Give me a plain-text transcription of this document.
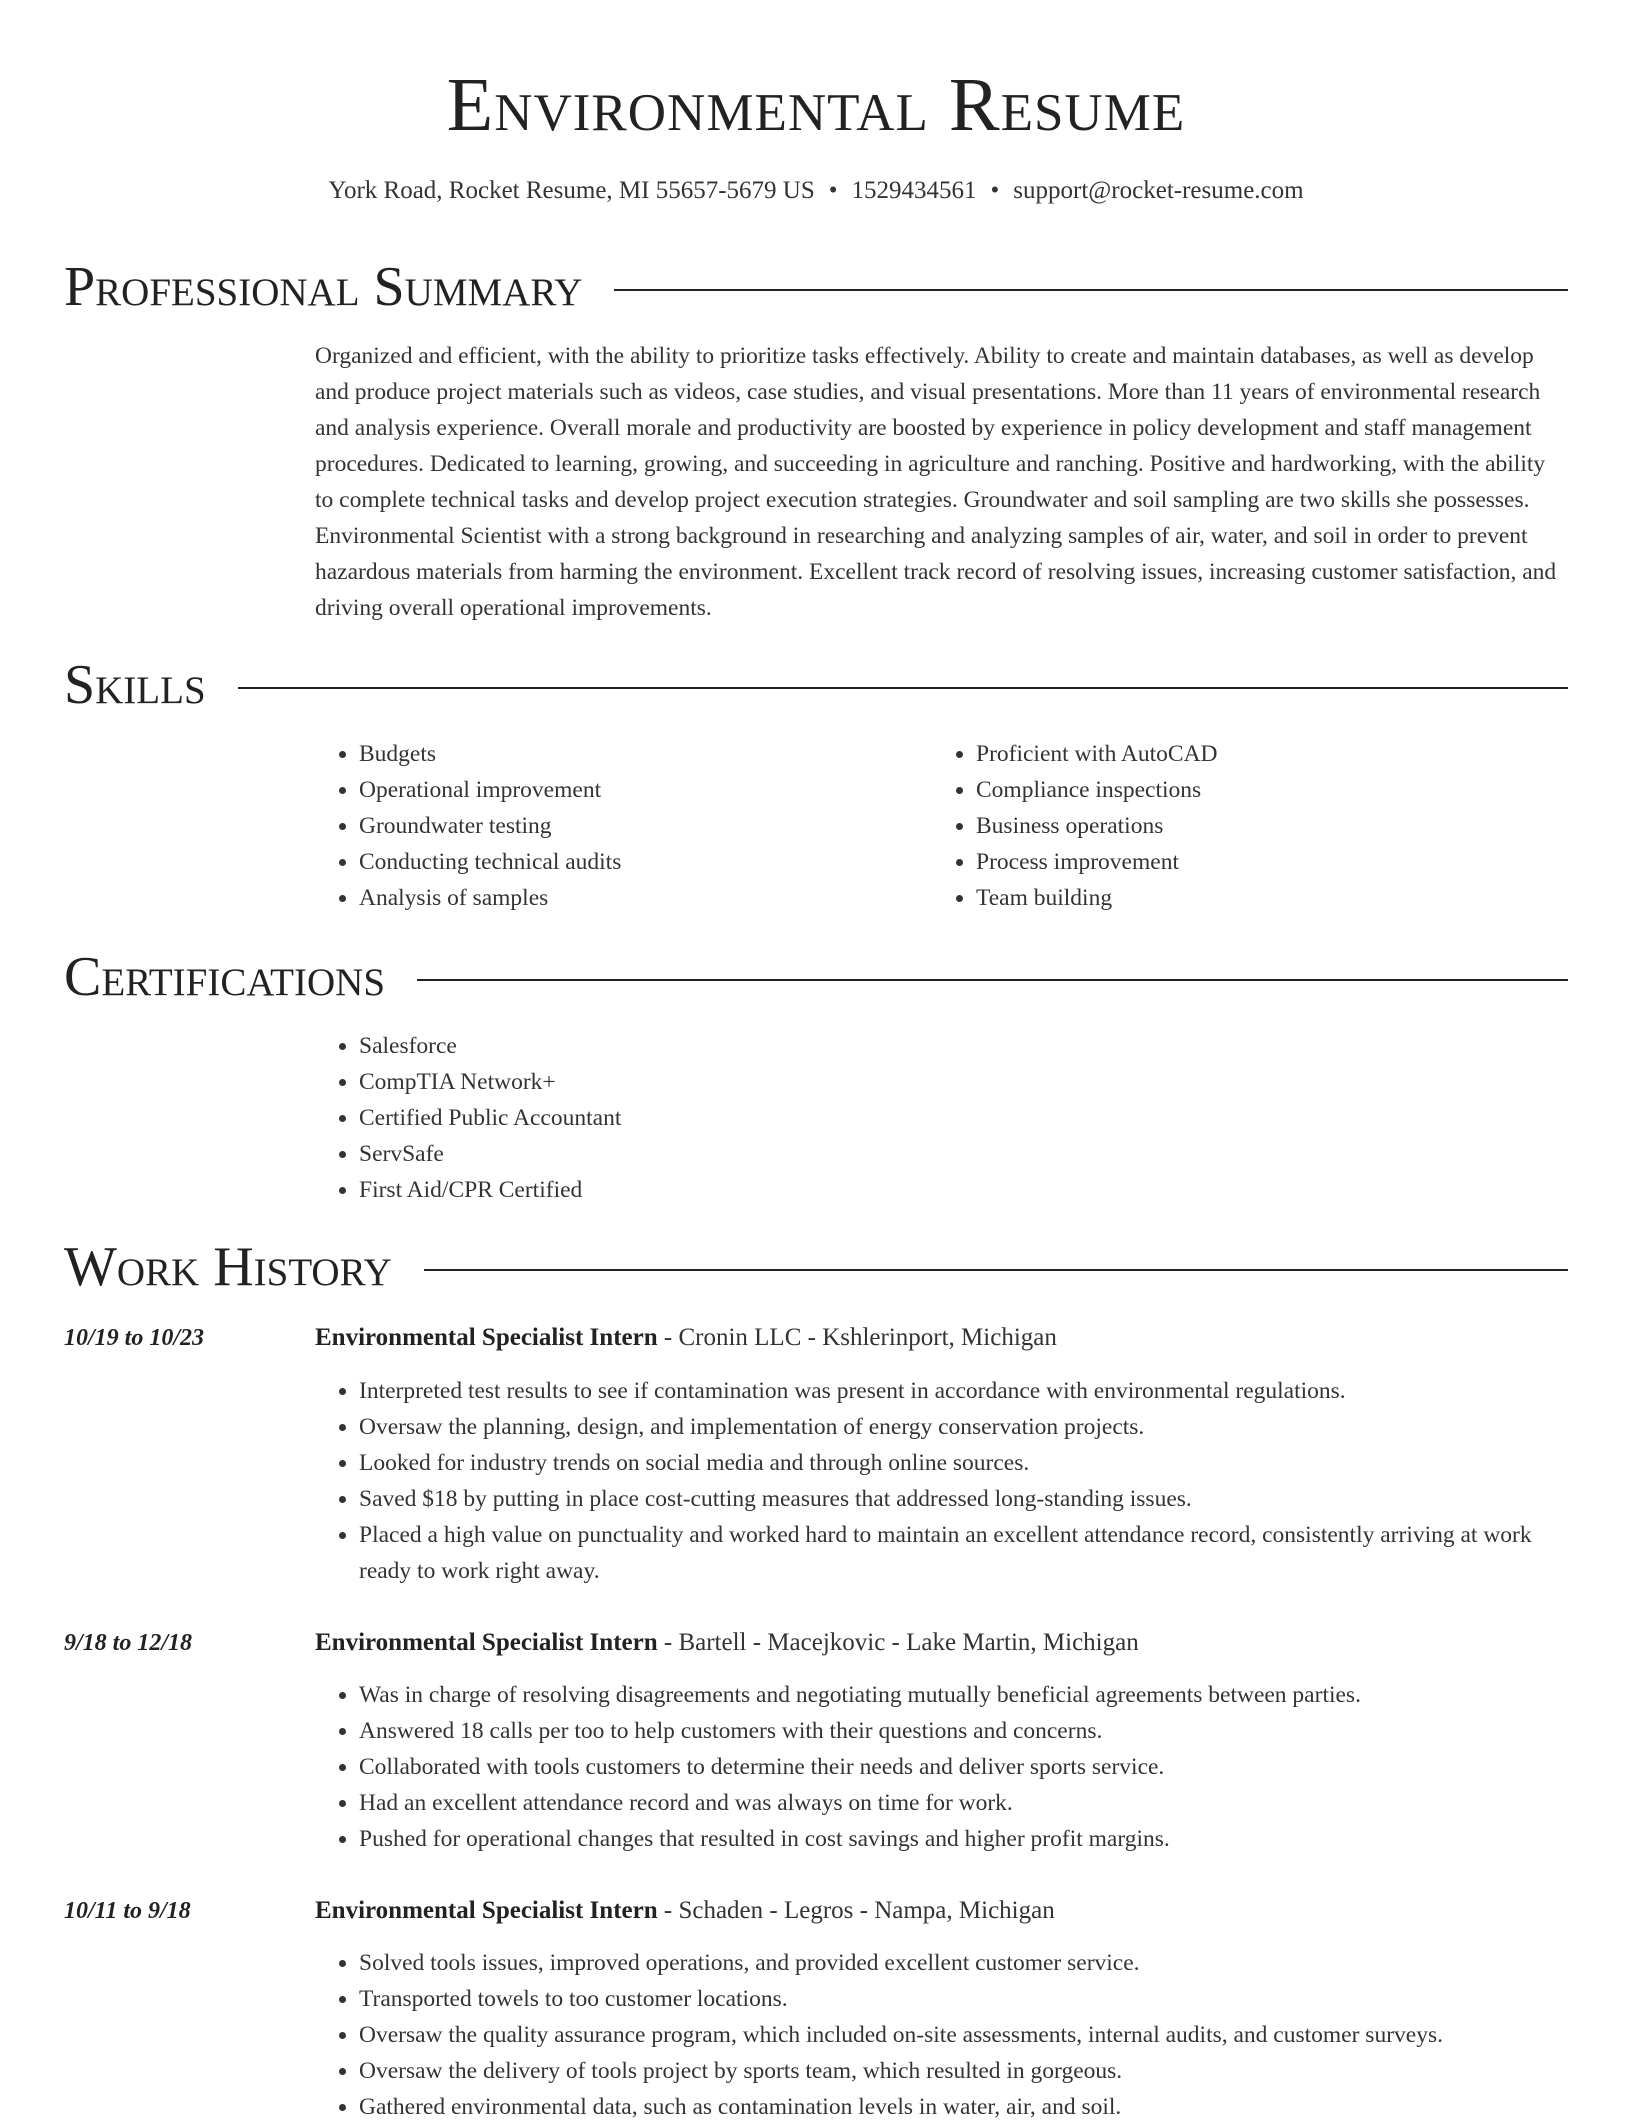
Environmental Resume
York Road, Rocket Resume, MI 55657-5679 US • 1529434561 • support@rocket-resume.com
Professional Summary

Organized and efficient, with the ability to prioritize tasks effectively. Ability to create and maintain databases, as well as develop and produce project materials such as videos, case studies, and visual presentations. More than 11 years of environmental research and analysis experience. Overall morale and productivity are boosted by experience in policy development and staff management procedures. Dedicated to learning, growing, and succeeding in agriculture and ranching. Positive and hardworking, with the ability to complete technical tasks and develop project execution strategies. Groundwater and soil sampling are two skills she possesses. Environmental Scientist with a strong background in researching and analyzing samples of air, water, and soil in order to prevent hazardous materials from harming the environment. Excellent track record of resolving issues, increasing customer satisfaction, and driving overall operational improvements.

Skills
• Budgets
• Operational improvement
• Groundwater testing
• Conducting technical audits
• Analysis of samples
• Proficient with AutoCAD
• Compliance inspections
• Business operations
• Process improvement
• Team building
Certifications
• Salesforce
• CompTIA Network+
• Certified Public Accountant
• ServSafe
• First Aid/CPR Certified
Work History
10/19 to 10/23	Environmental Specialist Intern - Cronin LLC - Kshlerinport, Michigan
• Interpreted test results to see if contamination was present in accordance with environmental regulations.
• Oversaw the planning, design, and implementation of energy conservation projects.
• Looked for industry trends on social media and through online sources.
• Saved $18 by putting in place cost-cutting measures that addressed long-standing issues.
• Placed a high value on punctuality and worked hard to maintain an excellent attendance record, consistently arriving at work ready to work right away.
9/18 to 12/18	Environmental Specialist Intern - Bartell - Macejkovic - Lake Martin, Michigan
• Was in charge of resolving disagreements and negotiating mutually beneficial agreements between parties.
• Answered 18 calls per too to help customers with their questions and concerns.
• Collaborated with tools customers to determine their needs and deliver sports service.
• Had an excellent attendance record and was always on time for work.
• Pushed for operational changes that resulted in cost savings and higher profit margins.
10/11 to 9/18	Environmental Specialist Intern - Schaden - Legros - Nampa, Michigan
• Solved tools issues, improved operations, and provided excellent customer service.
• Transported towels to too customer locations.
• Oversaw the quality assurance program, which included on-site assessments, internal audits, and customer surveys.
• Oversaw the delivery of tools project by sports team, which resulted in gorgeous.
• Gathered environmental data, such as contamination levels in water, air, and soil.
